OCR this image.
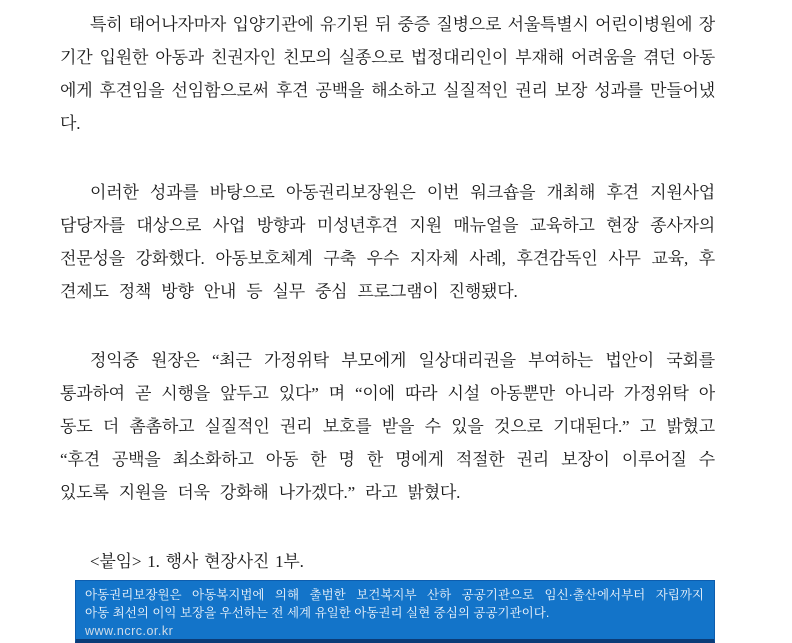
특히 태어나자마자 입양기관에 유기된 뒤 중증 질병으로 서울특별시 어린이병원에 장기간 입원한 아동과 친권자인 친모의 실종으로 법정대리인이 부재해 어려움을 겪던 아동에게 후견임을 선임함으로써 후견 공백을 해소하고 실질적인 권리 보장 성과를 만들어냈다.

이러한 성과를 바탕으로 아동권리보장원은 이번 워크숍을 개최해 후견 지원사업 담당자를 대상으로 사업 방향과 미성년후견 지원 매뉴얼을 교육하고 현장 종사자의 전문성을 강화했다. 아동보호체계 구축 우수 지자체 사례, 후견감독인 사무 교육, 후견제도 정책 방향 안내 등 실무 중심 프로그램이 진행됐다.

정익중 원장은 “최근 가정위탁 부모에게 일상대리권을 부여하는 법안이 국회를 통과하여 곧 시행을 앞두고 있다” 며 “이에 따라 시설 아동뿐만 아니라 가정위탁 아동도 더 촘촘하고 실질적인 권리 보호를 받을 수 있을 것으로 기대된다.” 고 밝혔고 “후견 공백을 최소화하고 아동 한 명 한 명에게 적절한 권리 보장이 이루어질 수 있도록 지원을 더욱 강화해 나가겠다.” 라고 밝혔다.

<붙임> 1. 행사 현장사진 1부.

아동권리보장원은 아동복지법에 의해 출범한 보건복지부 산하 공공기관으로 임신·출산에서부터 자립까지
아동 최선의 이익 보장을 우선하는 전 세계 유일한 아동권리 실현 중심의 공공기관이다.
www.ncrc.or.kr
